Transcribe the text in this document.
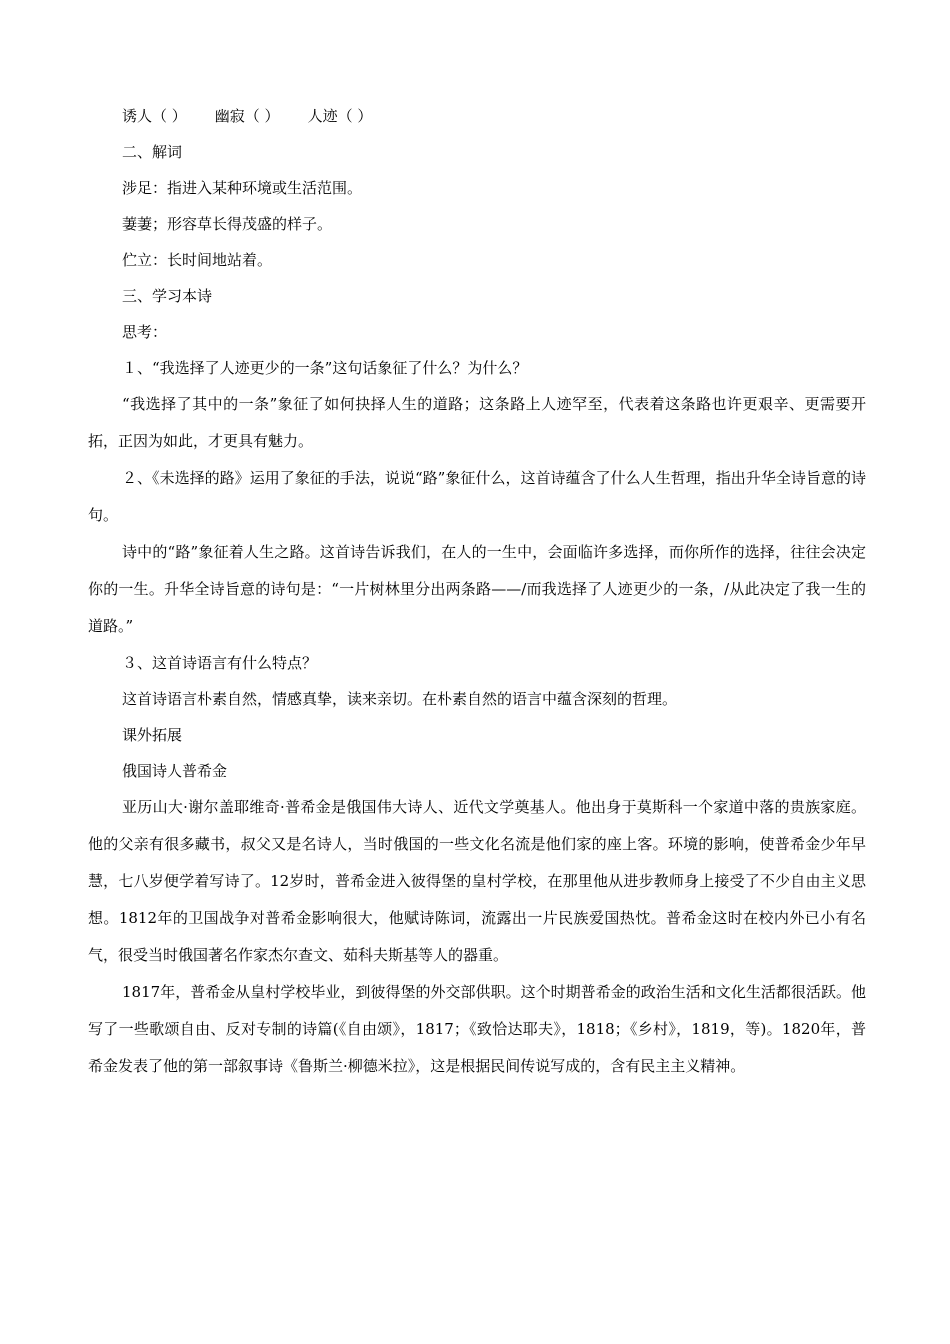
诱人（ ） 幽寂（ ） 人迹（ ）
二、解词
涉足：指进入某种环境或生活范围。
萋萋；形容草长得茂盛的样子。
伫立：长时间地站着。
三、学习本诗
思考：
１、“我选择了人迹更少的一条”这句话象征了什么？为什么？

“我选择了其中的一条”象征了如何抉择人生的道路；这条路上人迹罕至，代表着这条路也许更艰辛、更需要开拓，正因为如此，才更具有魅力。

２、《未选择的路》运用了象征的手法，说说“路”象征什么，这首诗蕴含了什么人生哲理，指出升华全诗旨意的诗句。

诗中的“路”象征着人生之路。这首诗告诉我们，在人的一生中，会面临许多选择，而你所作的选择，往往会决定你的一生。升华全诗旨意的诗句是：“一片树林里分出两条路——/而我选择了人迹更少的一条，/从此决定了我一生的道路。”

３、这首诗语言有什么特点？
这首诗语言朴素自然，情感真挚，读来亲切。在朴素自然的语言中蕴含深刻的哲理。
课外拓展
俄国诗人普希金

亚历山大·谢尔盖耶维奇·普希金是俄国伟大诗人、近代文学奠基人。他出身于莫斯科一个家道中落的贵族家庭。他的父亲有很多藏书，叔父又是名诗人，当时俄国的一些文化名流是他们家的座上客。环境的影响，使普希金少年早慧，七八岁便学着写诗了。12岁时，普希金进入彼得堡的皇村学校，在那里他从进步教师身上接受了不少自由主义思想。1812年的卫国战争对普希金影响很大，他赋诗陈词，流露出一片民族爱国热忱。普希金这时在校内外已小有名气，很受当时俄国著名作家杰尔查文、茹科夫斯基等人的器重。

1817年，普希金从皇村学校毕业，到彼得堡的外交部供职。这个时期普希金的政治生活和文化生活都很活跃。他写了一些歌颂自由、反对专制的诗篇(《自由颂》，1817；《致恰达耶夫》，1818；《乡村》，1819，等)。1820年，普希金发表了他的第一部叙事诗《鲁斯兰·柳德米拉》，这是根据民间传说写成的，含有民主主义精神。
